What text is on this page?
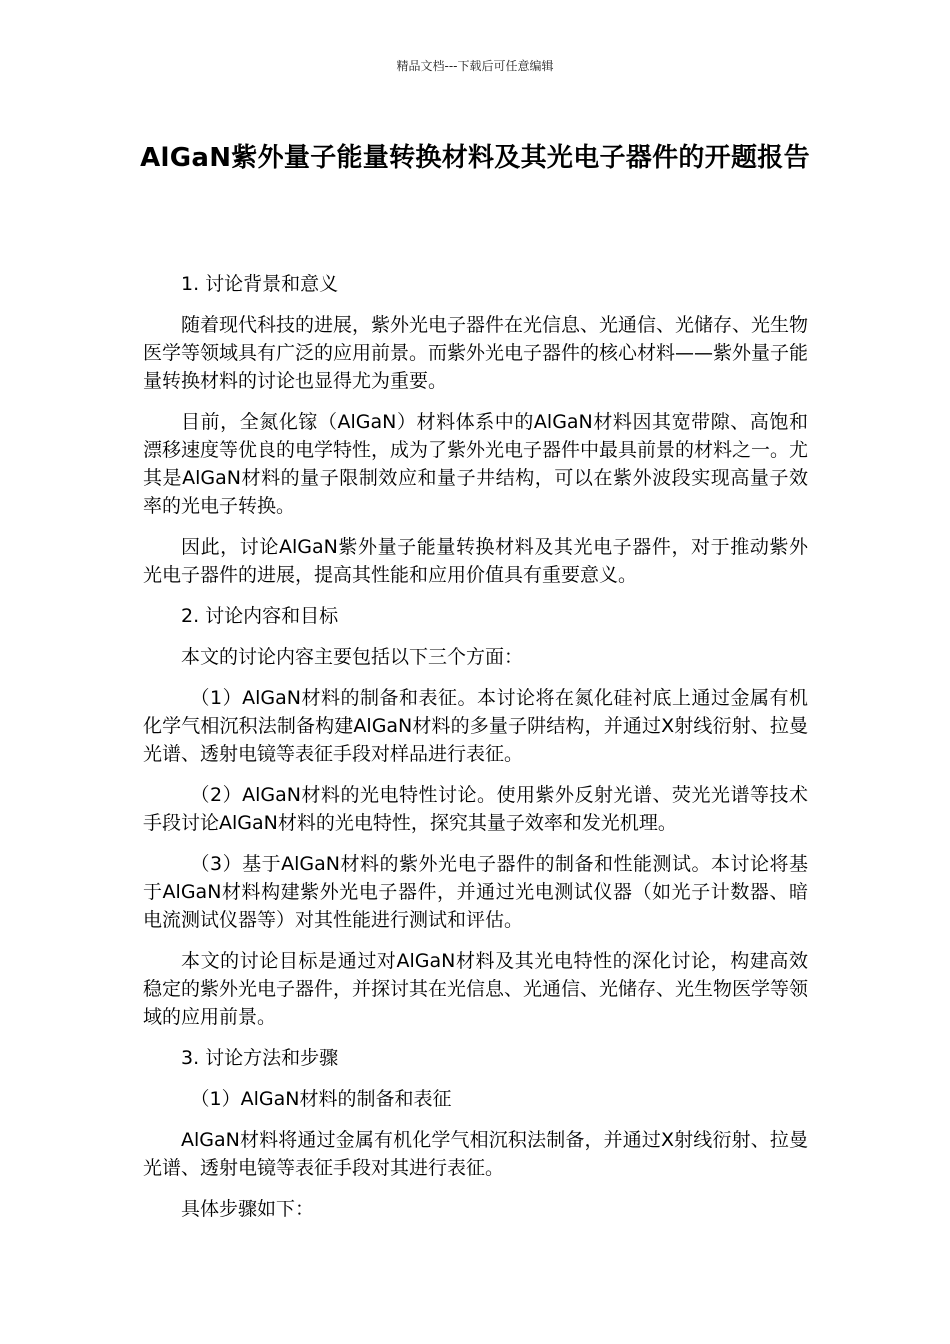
精品文档---下载后可任意编辑
AlGaN紫外量子能量转换材料及其光电子器件的开题报告

1. 讨论背景和意义

随着现代科技的进展，紫外光电子器件在光信息、光通信、光储存、光生物医学等领域具有广泛的应用前景。而紫外光电子器件的核心材料——紫外量子能量转换材料的讨论也显得尤为重要。

目前，全氮化镓（AlGaN）材料体系中的AlGaN材料因其宽带隙、高饱和漂移速度等优良的电学特性，成为了紫外光电子器件中最具前景的材料之一。尤其是AlGaN材料的量子限制效应和量子井结构，可以在紫外波段实现高量子效率的光电子转换。

因此，讨论AlGaN紫外量子能量转换材料及其光电子器件，对于推动紫外光电子器件的进展，提高其性能和应用价值具有重要意义。

2. 讨论内容和目标

本文的讨论内容主要包括以下三个方面：

（1）AlGaN材料的制备和表征。本讨论将在氮化硅衬底上通过金属有机化学气相沉积法制备构建AlGaN材料的多量子阱结构，并通过X射线衍射、拉曼光谱、透射电镜等表征手段对样品进行表征。

（2）AlGaN材料的光电特性讨论。使用紫外反射光谱、荧光光谱等技术手段讨论AlGaN材料的光电特性，探究其量子效率和发光机理。

（3）基于AlGaN材料的紫外光电子器件的制备和性能测试。本讨论将基于AlGaN材料构建紫外光电子器件，并通过光电测试仪器（如光子计数器、暗电流测试仪器等）对其性能进行测试和评估。

本文的讨论目标是通过对AlGaN材料及其光电特性的深化讨论，构建高效稳定的紫外光电子器件，并探讨其在光信息、光通信、光储存、光生物医学等领域的应用前景。

3. 讨论方法和步骤

（1）AlGaN材料的制备和表征

AlGaN材料将通过金属有机化学气相沉积法制备，并通过X射线衍射、拉曼光谱、透射电镜等表征手段对其进行表征。

具体步骤如下：
